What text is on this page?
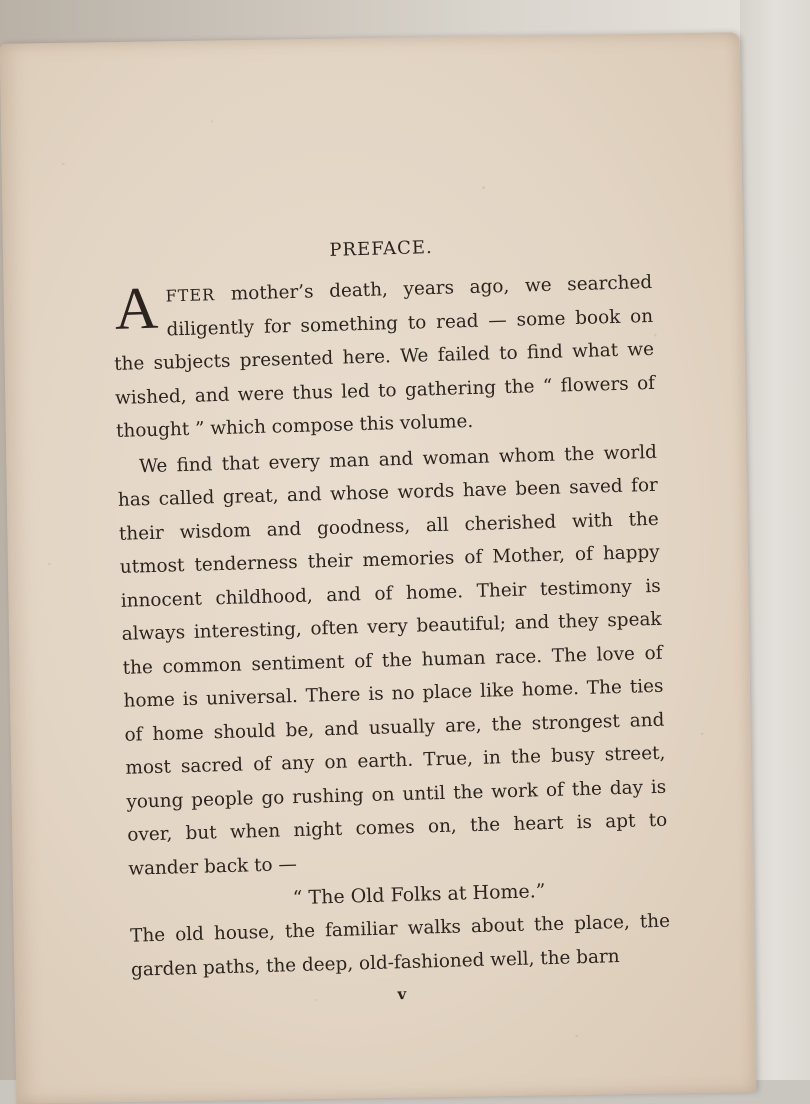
PREFACE.

AFTER mother’s death, years ago, we searched diligently for something to read — some book on the subjects presented here. We failed to find what we wished, and were thus led to gathering the “ flowers of thought ” which compose this volume.

We find that every man and woman whom the world has called great, and whose words have been saved for their wisdom and goodness, all cherished with the utmost tenderness their memories of Mother, of happy innocent childhood, and of home. Their testimony is always interesting, often very beautiful; and they speak the common sentiment of the human race. The love of home is universal. There is no place like home. The ties of home should be, and usually are, the strongest and most sacred of any on earth. True, in the busy street, young people go rushing on until the work of the day is over, but when night comes on, the heart is apt to wander back to —

“ The Old Folks at Home.”

The old house, the familiar walks about the place, the garden paths, the deep, old-fashioned well, the barn

v
